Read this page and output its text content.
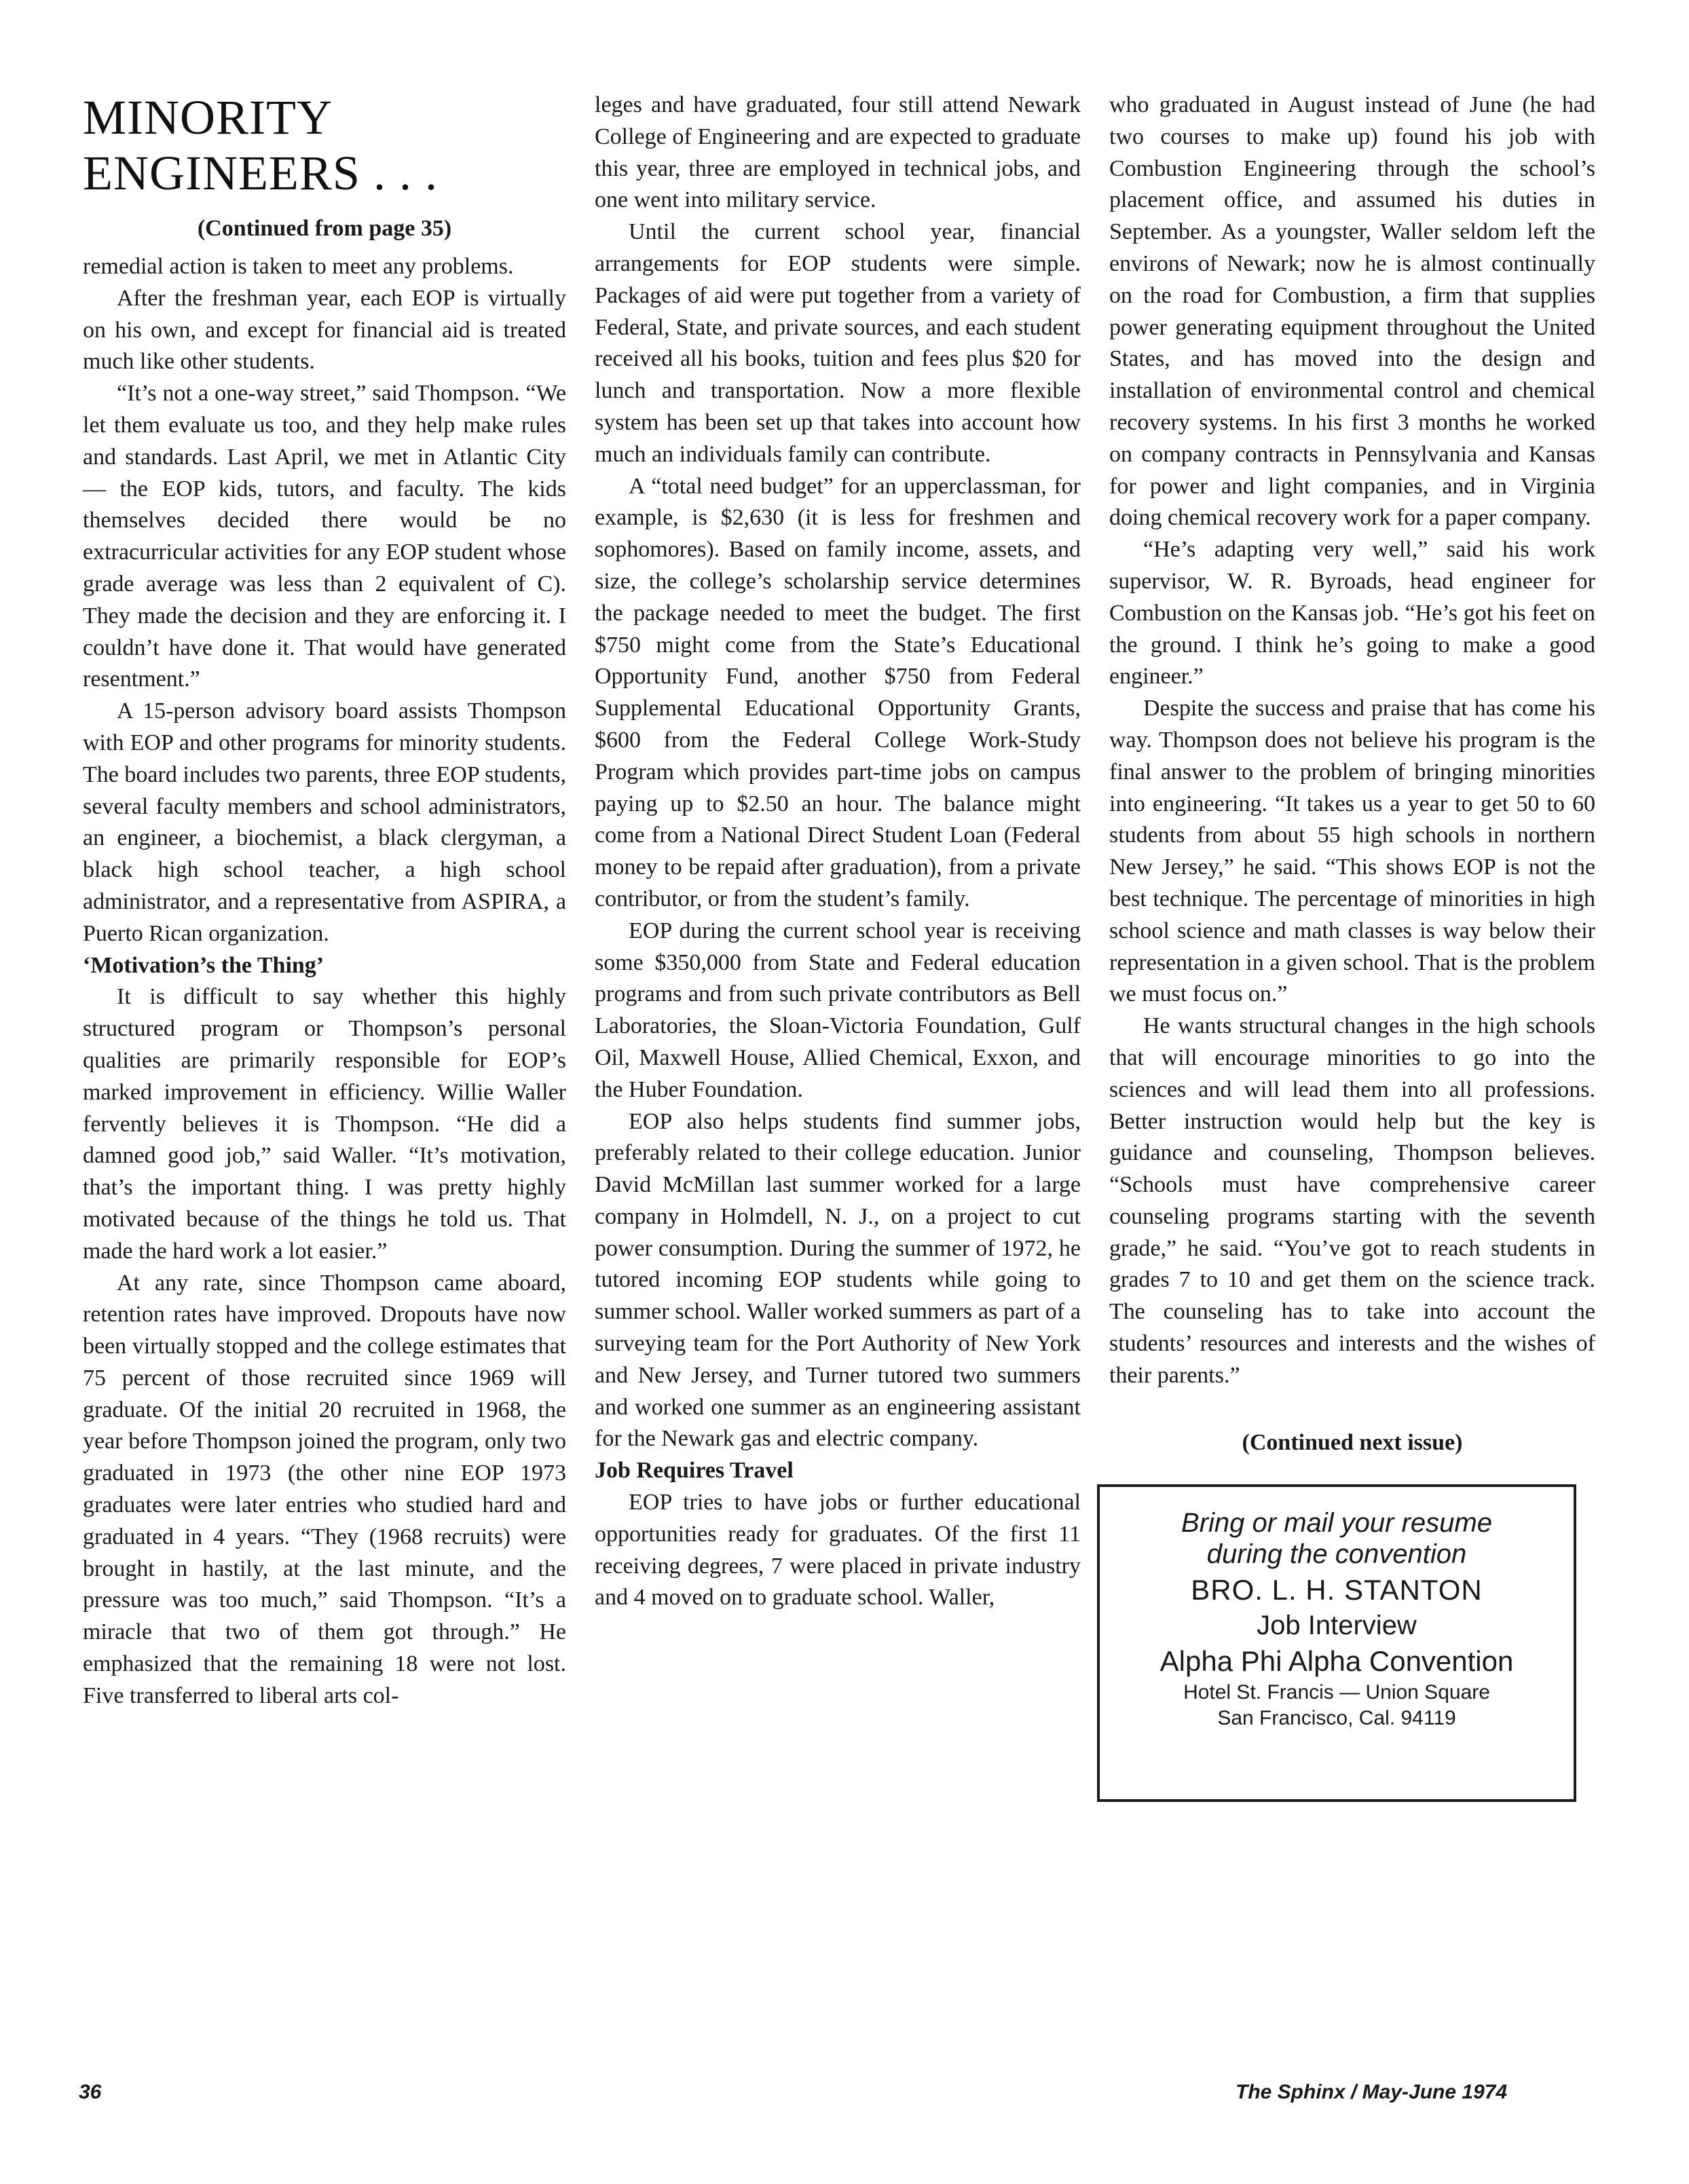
MINORITY
ENGINEERS . . .
(Continued from page 35)

remedial action is taken to meet any problems.

After the freshman year, each EOP is virtually on his own, and except for financial aid is treated much like other students.

“It’s not a one-way street,” said Thompson. “We let them evaluate us too, and they help make rules and standards. Last April, we met in Atlantic City — the EOP kids, tutors, and faculty. The kids themselves decided there would be no extracurricular activities for any EOP student whose grade average was less than 2 equivalent of C). They made the decision and they are enforcing it. I couldn’t have done it. That would have generated resentment.”

A 15-person advisory board assists Thompson with EOP and other programs for minority students. The board includes two parents, three EOP students, several faculty members and school administrators, an engineer, a biochemist, a black clergyman, a black high school teacher, a high school administrator, and a representative from ASPIRA, a Puerto Rican organization.

‘Motivation’s the Thing’

It is difficult to say whether this highly structured program or Thompson’s personal qualities are primarily responsible for EOP’s marked improvement in efficiency. Willie Waller fervently believes it is Thompson. “He did a damned good job,” said Waller. “It’s motivation, that’s the important thing. I was pretty highly motivated because of the things he told us. That made the hard work a lot easier.”

At any rate, since Thompson came aboard, retention rates have improved. Dropouts have now been virtually stopped and the college estimates that 75 percent of those recruited since 1969 will graduate. Of the initial 20 recruited in 1968, the year before Thompson joined the program, only two graduated in 1973 (the other nine EOP 1973 graduates were later entries who studied hard and graduated in 4 years. “They (1968 recruits) were brought in hastily, at the last minute, and the pressure was too much,” said Thompson. “It’s a miracle that two of them got through.” He emphasized that the remaining 18 were not lost. Five transferred to liberal arts col-

leges and have graduated, four still attend Newark College of Engineering and are expected to graduate this year, three are employed in technical jobs, and one went into military service.

Until the current school year, financial arrangements for EOP students were simple. Packages of aid were put together from a variety of Federal, State, and private sources, and each student received all his books, tuition and fees plus $20 for lunch and transportation. Now a more flexible system has been set up that takes into account how much an individuals family can contribute.

A “total need budget” for an upperclassman, for example, is $2,630 (it is less for freshmen and sophomores). Based on family income, assets, and size, the college’s scholarship service determines the package needed to meet the budget. The first $750 might come from the State’s Educational Opportunity Fund, another $750 from Federal Supplemental Educational Opportunity Grants, $600 from the Federal College Work-Study Program which provides part-time jobs on campus paying up to $2.50 an hour. The balance might come from a National Direct Student Loan (Federal money to be repaid after graduation), from a private contributor, or from the student’s family.

EOP during the current school year is receiving some $350,000 from State and Federal education programs and from such private contributors as Bell Laboratories, the Sloan-Victoria Foundation, Gulf Oil, Maxwell House, Allied Chemical, Exxon, and the Huber Foundation.

EOP also helps students find summer jobs, preferably related to their college education. Junior David McMillan last summer worked for a large company in Holmdell, N. J., on a project to cut power consumption. During the summer of 1972, he tutored incoming EOP students while going to summer school. Waller worked summers as part of a surveying team for the Port Authority of New York and New Jersey, and Turner tutored two summers and worked one summer as an engineering assistant for the Newark gas and electric company.

Job Requires Travel

EOP tries to have jobs or further educational opportunities ready for graduates. Of the first 11 receiving degrees, 7 were placed in private industry and 4 moved on to graduate school. Waller,

who graduated in August instead of June (he had two courses to make up) found his job with Combustion Engineering through the school’s placement office, and assumed his duties in September. As a youngster, Waller seldom left the environs of Newark; now he is almost continually on the road for Combustion, a firm that supplies power generating equipment throughout the United States, and has moved into the design and installation of environmental control and chemical recovery systems. In his first 3 months he worked on company contracts in Pennsylvania and Kansas for power and light companies, and in Virginia doing chemical recovery work for a paper company.

“He’s adapting very well,” said his work supervisor, W. R. Byroads, head engineer for Combustion on the Kansas job. “He’s got his feet on the ground. I think he’s going to make a good engineer.”

Despite the success and praise that has come his way. Thompson does not believe his program is the final answer to the problem of bringing minorities into engineering. “It takes us a year to get 50 to 60 students from about 55 high schools in northern New Jersey,” he said. “This shows EOP is not the best technique. The percentage of minorities in high school science and math classes is way below their representation in a given school. That is the problem we must focus on.”

He wants structural changes in the high schools that will encourage minorities to go into the sciences and will lead them into all professions. Better instruction would help but the key is guidance and counseling, Thompson believes. “Schools must have comprehensive career counseling programs starting with the seventh grade,” he said. “You’ve got to reach students in grades 7 to 10 and get them on the science track. The counseling has to take into account the students’ resources and interests and the wishes of their parents.”

(Continued next issue)
Bring or mail your resume
during the convention
BRO. L. H. STANTON
Job Interview
Alpha Phi Alpha Convention
Hotel St. Francis — Union Square
San Francisco, Cal. 94119
36	The Sphinx / May-June 1974
